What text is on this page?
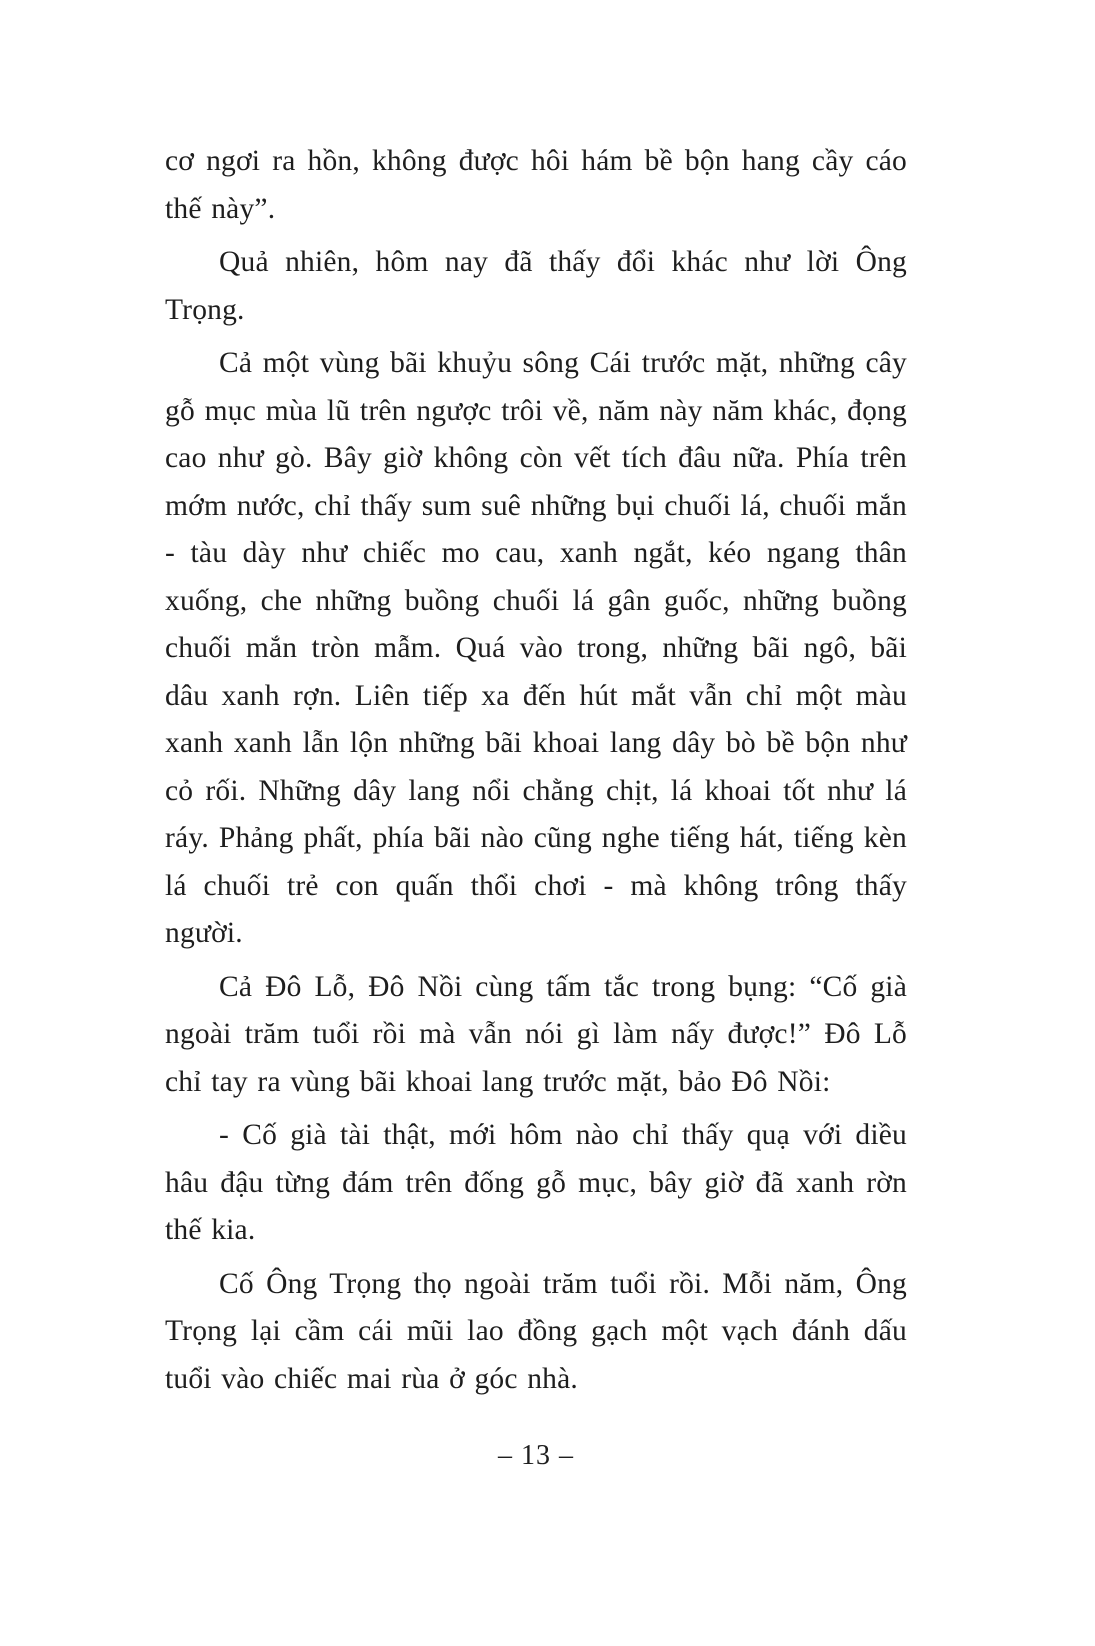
cơ ngơi ra hồn, không được hôi hám bề bộn hang cầy cáo thế này”.

Quả nhiên, hôm nay đã thấy đổi khác như lời Ông Trọng.

Cả một vùng bãi khuỷu sông Cái trước mặt, những cây gỗ mục mùa lũ trên ngược trôi về, năm này năm khác, đọng cao như gò. Bây giờ không còn vết tích đâu nữa. Phía trên mớm nước, chỉ thấy sum suê những bụi chuối lá, chuối mắn - tàu dày như chiếc mo cau, xanh ngắt, kéo ngang thân xuống, che những buồng chuối lá gân guốc, những buồng chuối mắn tròn mẫm. Quá vào trong, những bãi ngô, bãi dâu xanh rợn. Liên tiếp xa đến hút mắt vẫn chỉ một màu xanh xanh lẫn lộn những bãi khoai lang dây bò bề bộn như cỏ rối. Những dây lang nổi chằng chịt, lá khoai tốt như lá ráy. Phảng phất, phía bãi nào cũng nghe tiếng hát, tiếng kèn lá chuối trẻ con quấn thổi chơi - mà không trông thấy người.

Cả Đô Lỗ, Đô Nồi cùng tấm tắc trong bụng: “Cố già ngoài trăm tuổi rồi mà vẫn nói gì làm nấy được!” Đô Lỗ chỉ tay ra vùng bãi khoai lang trước mặt, bảo Đô Nồi:

- Cố già tài thật, mới hôm nào chỉ thấy quạ với diều hâu đậu từng đám trên đống gỗ mục, bây giờ đã xanh rờn thế kia.

Cố Ông Trọng thọ ngoài trăm tuổi rồi. Mỗi năm, Ông Trọng lại cầm cái mũi lao đồng gạch một vạch đánh dấu tuổi vào chiếc mai rùa ở góc nhà.

– 13 –
